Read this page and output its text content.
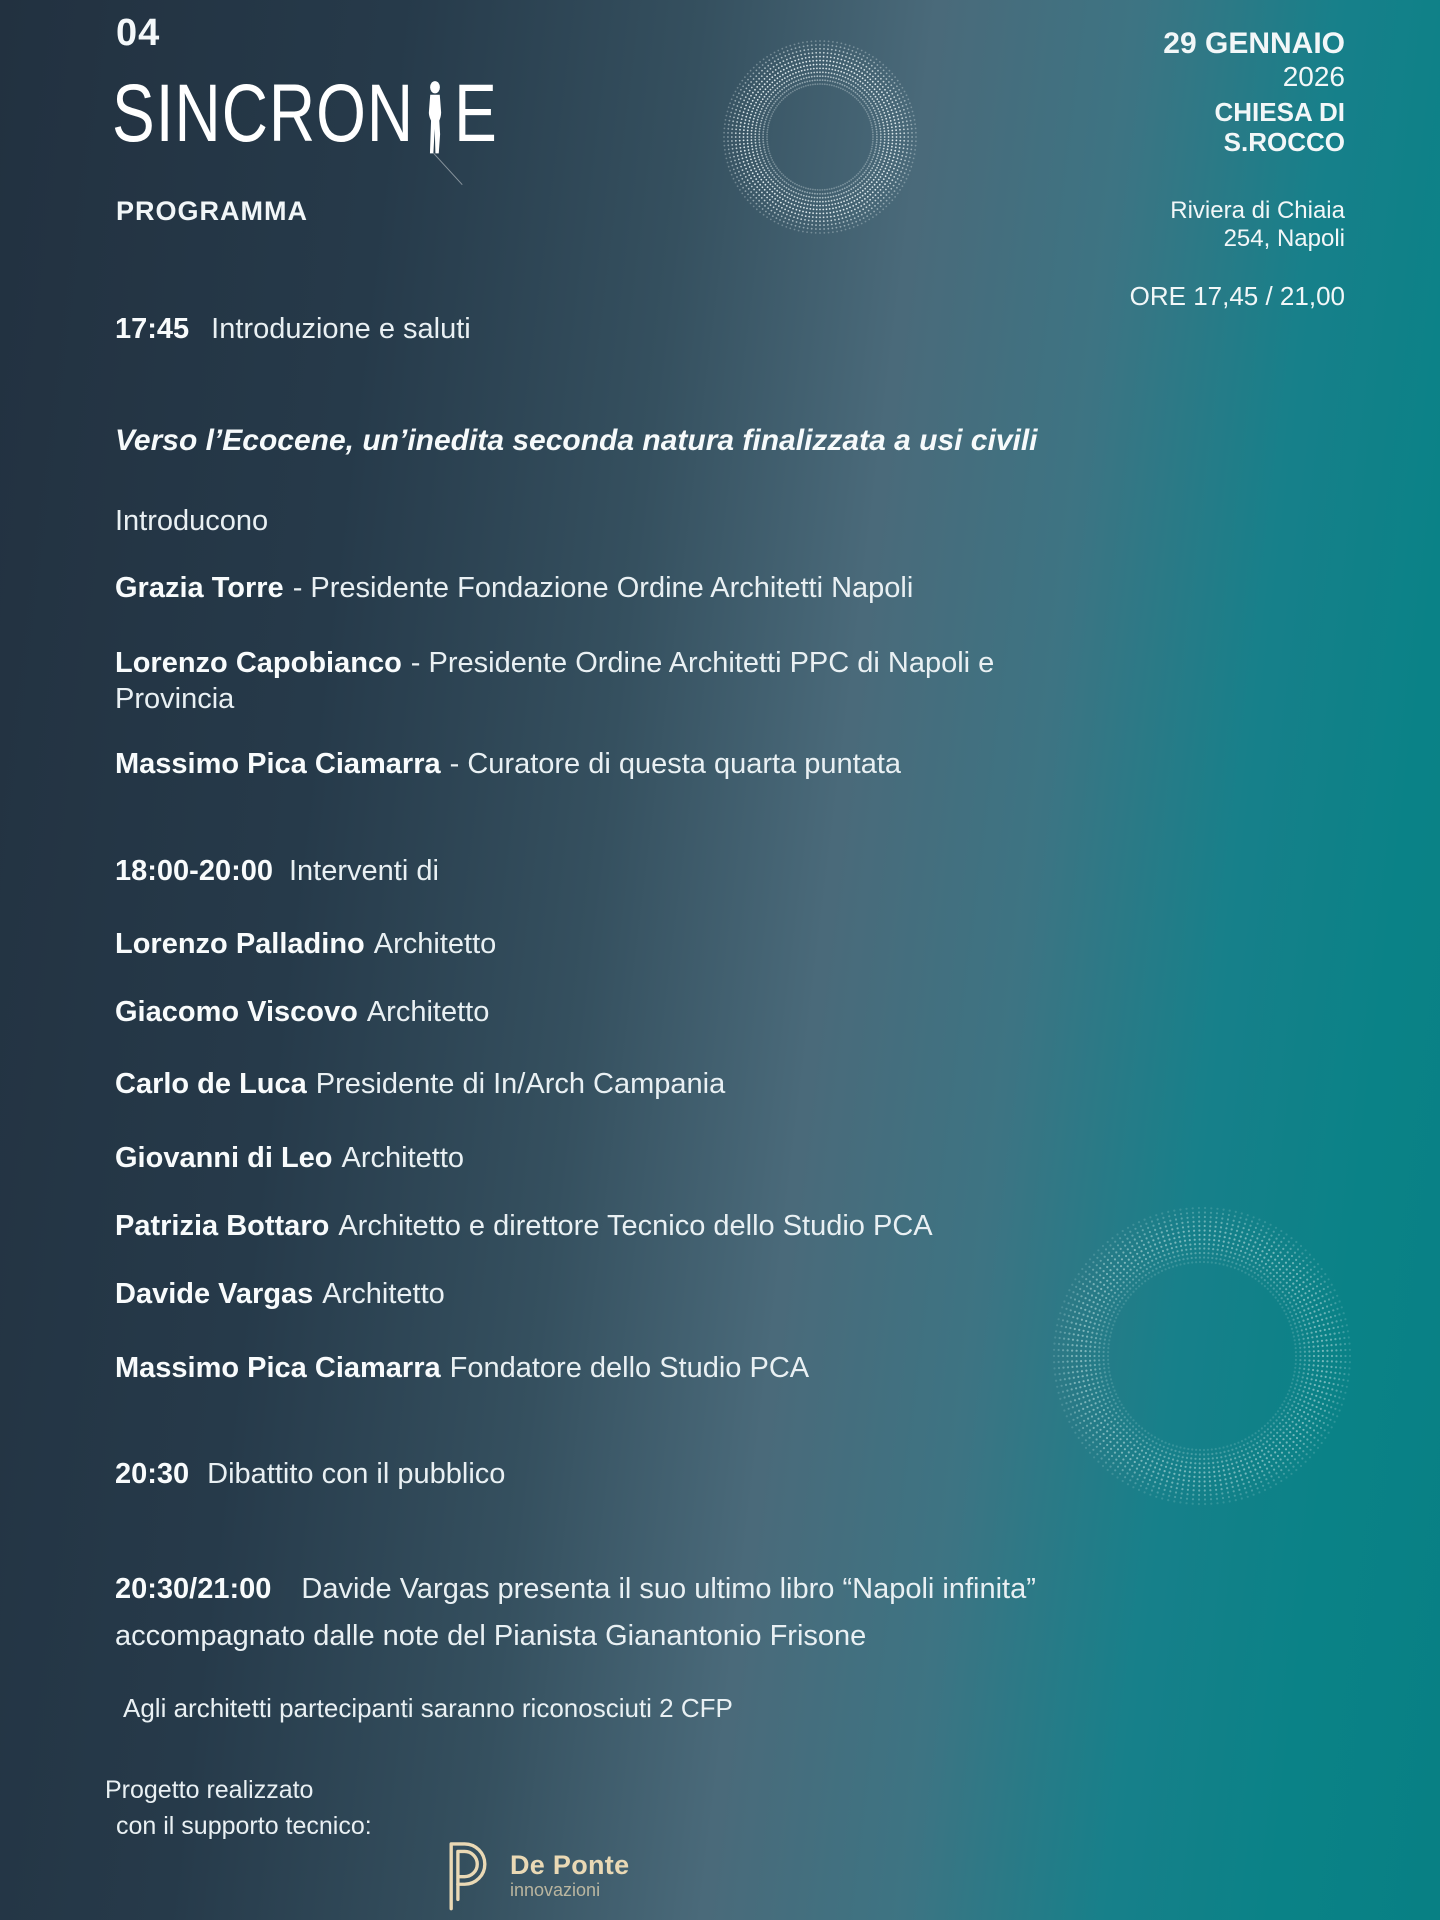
04
SINCRON E
PROGRAMMA
29 GENNAIO
2026
CHIESA DI
S.ROCCO
Riviera di Chiaia
254, Napoli
ORE 17,45 / 21,00
17:45 Introduzione e saluti
Verso l’Ecocene, un’inedita seconda natura finalizzata a usi civili
Introducono
Grazia Torre - Presidente Fondazione Ordine Architetti Napoli
Lorenzo Capobianco - Presidente Ordine Architetti PPC di Napoli e Provincia
Massimo Pica Ciamarra - Curatore di questa quarta puntata
18:00-20:00 Interventi di
Lorenzo Palladino Architetto
Giacomo Viscovo Architetto
Carlo de Luca Presidente di In/Arch Campania
Giovanni di Leo Architetto
Patrizia Bottaro Architetto e direttore Tecnico dello Studio PCA
Davide Vargas Architetto
Massimo Pica Ciamarra Fondatore dello Studio PCA
20:30 Dibattito con il pubblico
20:30/21:00 Davide Vargas presenta il suo ultimo libro “Napoli infinita” accompagnato dalle note del Pianista Gianantonio Frisone
Agli architetti partecipanti saranno riconosciuti 2 CFP
Progetto realizzato
con il supporto tecnico:
De Ponte
innovazioni
